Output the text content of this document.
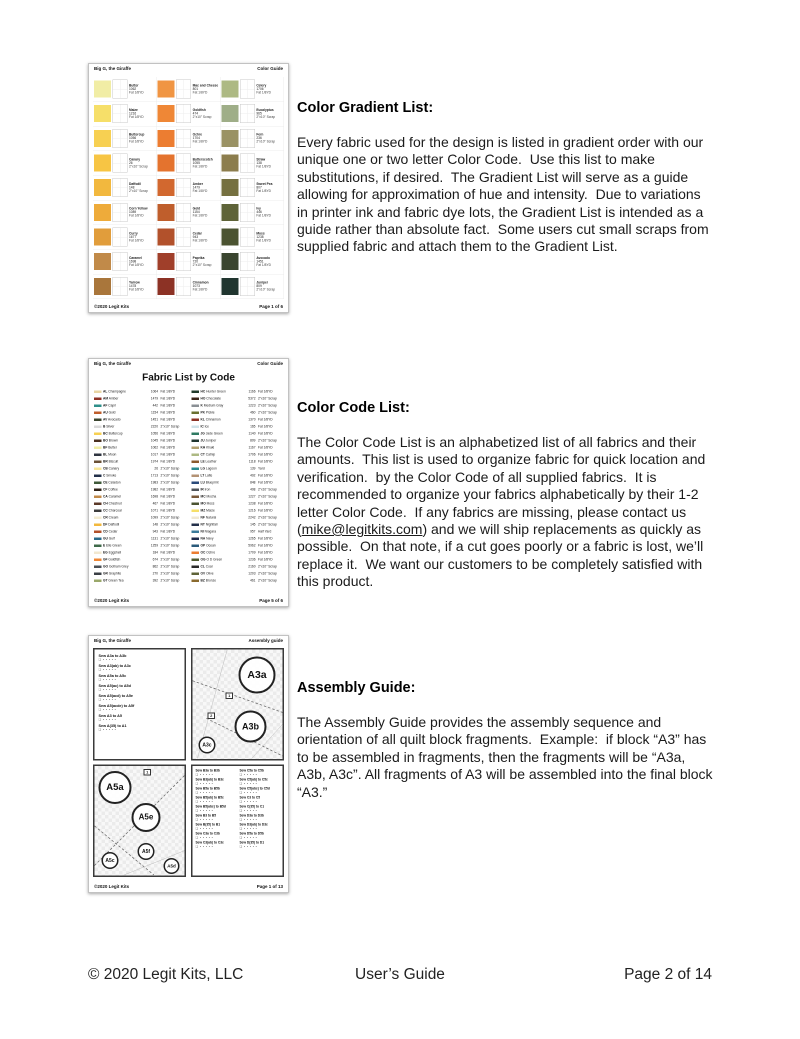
Big G, the Giraffe	Color Guide
Butter
1062
Fat 1/8YD
Mac and Cheese
801
Fat 1/8YD
Celery
1706
Fat 1/8YD
Maize
1216
Fat 1/8YD
Goldfish
474
2"x10" Scrap
Eucalyptus
965
2"x10" Scrap
Buttercup
1056
Fat 1/8YD
Ochre
1704
Fat 1/8YD
Fern
236
2"x10" Scrap
Canary
26
2"x10" Scrap
Butterscotch
1055
Fat 1/8YD
Straw
138
Fat 1/8YD
Daffodil
148
2"x10" Scrap
Amber
1479
Fat 1/8YD
Sweet Pea
807
Fat 1/8YD
Corn Yellow
1089
Fat 1/8YD
Gold
1154
Fat 1/8YD
Ivy
446
Fat 1/8YD
Curry
1677
Fat 1/8YD
Cedar
943
Fat 1/8YD
Moss
1238
Fat 1/8YD
Caramel
1698
Fat 1/8YD
Paprika
720
2"x10" Scrap
Avocado
1451
Fat 1/8YD
Yarrow
1478
Fat 1/8YD
Cinnamon
1073
Fat 1/8YD
Juniper
809
2"x10" Scrap
©2020 Legit Kits	Page 1 of 6
Big G, the Giraffe	Color Guide
Fabric List by Code
AL Champagne	1064 Fat 1/8YD
AM Amber	1479 Fat 1/8YD
AF Capri	442 Fat 1/8YD
AU Gold	1154 Fat 1/8YD
AV Avocado	1451 Fat 1/8YD
B Silver	2220 2"x10" Scrap
BC Buttercup	1056 Fat 1/8YD
BO Brown	1045 Fat 1/8YD
BF Butter	1062 Fat 1/8YD
BL Moon	1017 Fat 1/8YD
BR Biscuit	1974 Fat 1/8YD
CB Canary	26 2"x10" Scrap
C Smoke	1713 2"x10" Scrap
CE Celadon	1983 2"x10" Scrap
CF Coffee	1982 Fat 1/8YD
CA Caramel	1698 Fat 1/8YD
CH Chestnut	467 Fat 1/8YD
CC Charcoal	1071 Fat 1/8YD
CR Cream	1099 2"x10" Scrap
DF Daffodil	148 2"x10" Scrap
CD Cedar	943 Fat 1/8YD
GU Gulf	1131 2"x10" Scrap
E Elle Green	1259 2"x10" Scrap
EG Eggshell	184 Fat 1/8YD
GF Goldfish	674 2"x10" Scrap
GO Gotham Grey	862 2"x10" Scrap
GR Graphite	270 2"x10" Scrap
GT Green Tea	392 2"x10" Scrap
HC Hunter Green	1166 Fat 1/8YD
HO Chocolate	5372 2"x10" Scrap
K Medium Gray	1223 2"x10" Scrap
PK Pickle	460 2"x10" Scrap
KL Cinnamon	1370 Fat 1/8YD
IC Ice	165 Fat 1/8YD
JG Jade Green	1140 Fat 1/8YD
JU Juniper	809 2"x10" Scrap
KH Khaki	1167 Fat 1/8YD
CT Catnip	1706 Fat 1/8YD
LE Leather	1118 Fat 1/8YD
LG Lagoon	139 Yard
LT Latte	492 Fat 1/8YD
LU Blueprint	848 Fat 1/8YD
IR Iron	408 2"x10" Scrap
MC Mocha	1227 2"x10" Scrap
MO Moss	1238 Fat 1/8YD
MZ Maize	1216 Fat 1/8YD
NF Natural	2242 2"x10" Scrap
NT Nightfall	145 2"x10" Scrap
NI Niagara	957 Half Yard
NA Navy	1265 Fat 1/8YD
OP Ocean	5962 Fat 1/8YD
OC Ochre	1709 Fat 1/8YD
OG O D Green	1236 Fat 1/8YD
CL Coal	2160 2"x10" Scrap
OV Olive	1203 2"x10" Scrap
BZ Bronze	461 2"x10" Scrap
©2020 Legit Kits	Page 5 of 6
Big G, the Giraffe	Assembly guide
Sew A3a to A3b
❏ ▪ ▪ ▪ ▪ ▪
Sew A3(ab) to A3c
❏ ▪ ▪ ▪ ▪ ▪
Sew A5a to A5c
❏ ▪ ▪ ▪ ▪ ▪
Sew A5(ac) to A5d
❏ ▪ ▪ ▪ ▪ ▪
Sew A5(acd) to A5e
❏ ▪ ▪ ▪ ▪ ▪
Sew A5(acde) to A5f
❏ ▪ ▪ ▪ ▪ ▪
Sew A3 to A5
❏ ▪ ▪ ▪ ▪ ▪
Sew A(35) to A1
❏ ▪ ▪ ▪ ▪ ▪
A3a
A3b
A3c
1
2
A5a
A5e
A5f
A5c
A5d
1	Sew B3a to B3b
❏ ▪ ▪ ▪ ▪ ▪
Sew B3(ab) to B3c
❏ ▪ ▪ ▪ ▪ ▪
Sew B5a to B5b
❏ ▪ ▪ ▪ ▪ ▪
Sew B5(ab) to B5c
❏ ▪ ▪ ▪ ▪ ▪
Sew B5(abc) to B5d
❏ ▪ ▪ ▪ ▪ ▪
Sew B3 to B5
❏ ▪ ▪ ▪ ▪ ▪
Sew B(35) to B1
❏ ▪ ▪ ▪ ▪ ▪
Sew C3a to C3b
❏ ▪ ▪ ▪ ▪ ▪
Sew C3(ab) to C3c
❏ ▪ ▪ ▪ ▪ ▪
Sew C5a to C5b
❏ ▪ ▪ ▪ ▪ ▪
Sew C5(ab) to C5c
❏ ▪ ▪ ▪ ▪ ▪
Sew C5(abc) to C5d
❏ ▪ ▪ ▪ ▪ ▪
Sew C3 to C5
❏ ▪ ▪ ▪ ▪ ▪
Sew C(35) to C1
❏ ▪ ▪ ▪ ▪ ▪
Sew D3a to D3b
❏ ▪ ▪ ▪ ▪ ▪
Sew D3(ab) to D3c
❏ ▪ ▪ ▪ ▪ ▪
Sew D5a to D5b
❏ ▪ ▪ ▪ ▪ ▪
Sew D(35) to D1
❏ ▪ ▪ ▪ ▪ ▪
©2020 Legit Kits	Page 1 of 13
Color Gradient List:

Every fabric used for the design is listed in gradient order with our unique one or two letter Color Code.  Use this list to make substitutions, if desired.  The Gradient List will serve as a guide allowing for approximation of hue and intensity.  Due to variations in printer ink and fabric dye lots, the Gradient List is intended as a guide rather than absolute fact.  Some users cut small scraps from supplied fabric and attach them to the Gradient List.

Color Code List:

The Color Code List is an alphabetized list of all fabrics and their amounts.  This list is used to organize fabric for quick location and verification.  by the Color Code of all supplied fabrics.  It is recommended to organize your fabrics alphabetically by their 1-2 letter Color Code.  If any fabrics are missing, please contact us (mike@legitkits.com) and we will ship replacements as quickly as possible.  On that note, if a cut goes poorly or a fabric is lost, we’ll replace it.  We want our customers to be completely satisfied with this product.

Assembly Guide:

The Assembly Guide provides the assembly sequence and orientation of all quilt block fragments.  Example:  if block “A3” has to be assembled in fragments, then the fragments will be “A3a, A3b, A3c”. All fragments of A3 will be assembled into the final block “A3.”

User’s Guide
© 2020 Legit Kits, LLC	Page 2 of 14
